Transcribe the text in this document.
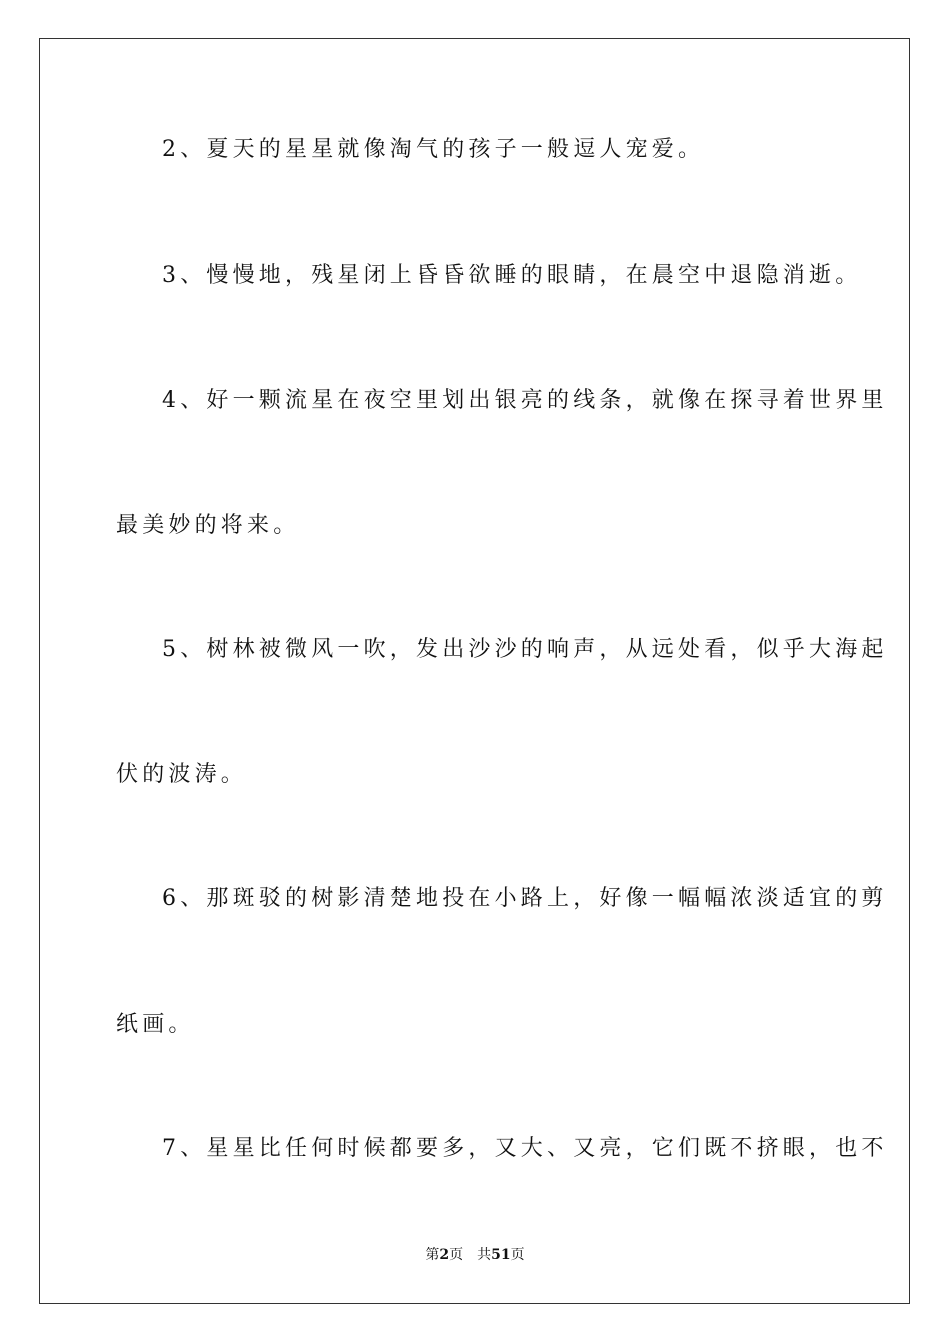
2、夏天的星星就像淘气的孩子一般逗人宠爱。
3、慢慢地，残星闭上昏昏欲睡的眼睛，在晨空中退隐消逝。
4、好一颗流星在夜空里划出银亮的线条，就像在探寻着世界里
最美妙的将来。
5、树林被微风一吹，发出沙沙的响声，从远处看，似乎大海起
伏的波涛。
6、那斑驳的树影清楚地投在小路上，好像一幅幅浓淡适宜的剪
纸画。
7、星星比任何时候都要多，又大、又亮，它们既不挤眼，也不
第2页 共51页
